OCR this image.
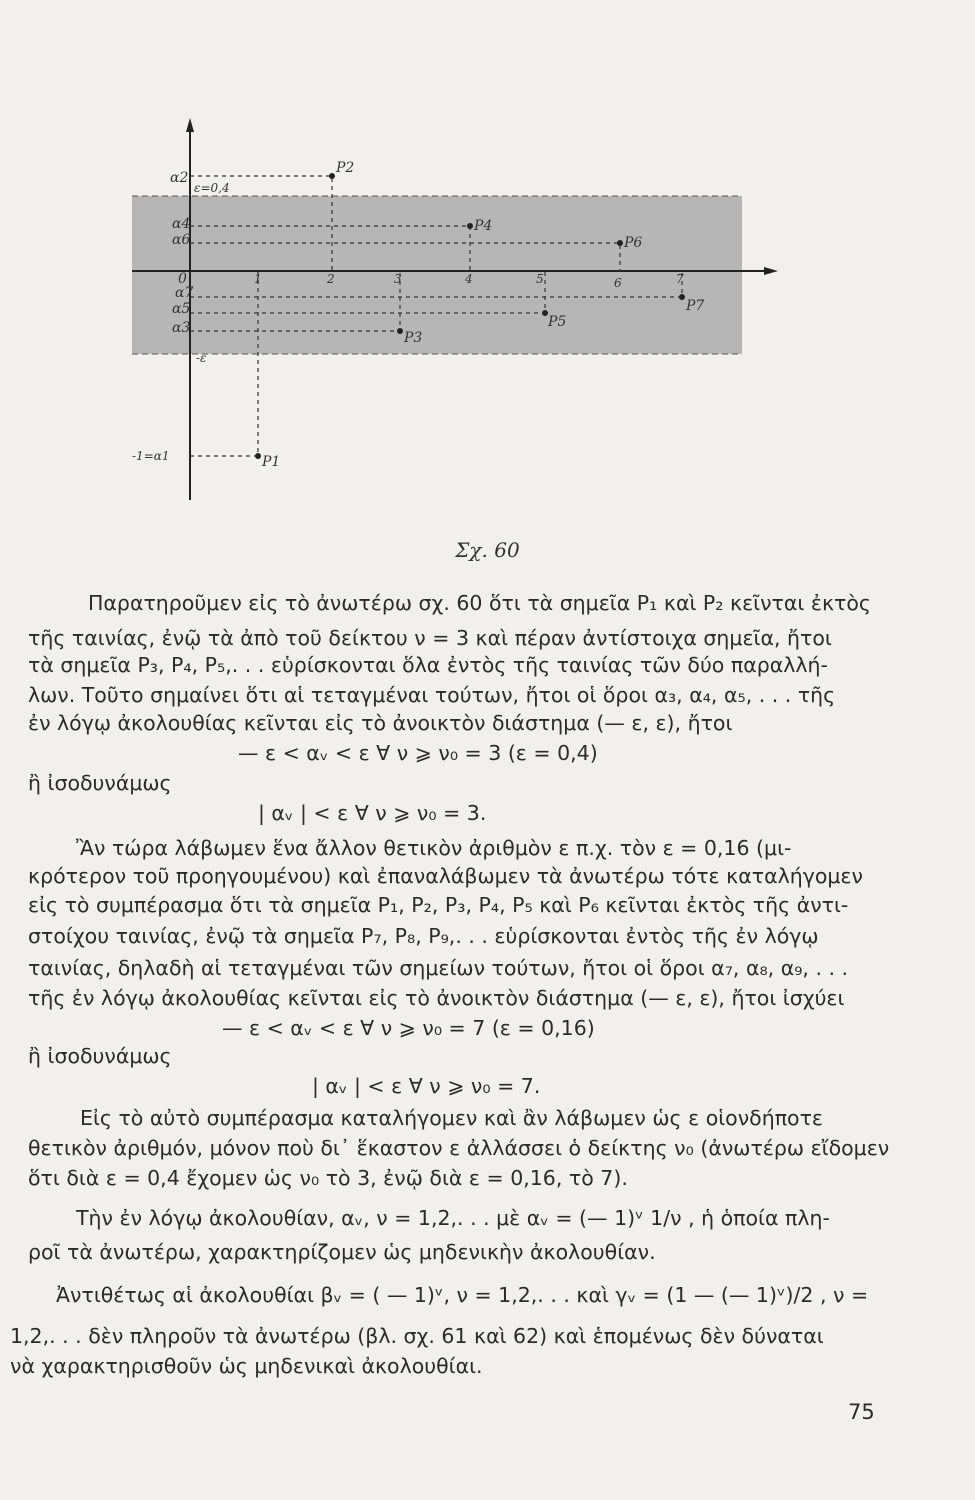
α2
ε=0,4
P2
α4
α6
P4
P6
0
α7
α5
α3
P7
P5
P3
-ε
-1=α1	P1
1	2	3	4	5	6	7
Σχ. 60
Παρατηροῦμεν εἰς τὸ ἀνωτέρω σχ. 60 ὅτι τὰ σημεῖα P₁ καὶ P₂ κεῖνται ἐκτὸς
τῆς ταινίας, ἐνῷ τὰ ἀπὸ τοῦ δείκτου ν = 3 καὶ πέραν ἀντίστοιχα σημεῖα, ἤτοι
τὰ σημεῖα P₃, P₄, P₅,. . . εὑρίσκονται ὅλα ἐντὸς τῆς ταινίας τῶν δύο παραλλή-
λων. Τοῦτο σημαίνει ὅτι αἱ τεταγμέναι τούτων, ἤτοι οἱ ὅροι α₃, α₄, α₅, . . . τῆς
ἐν λόγῳ ἀκολουθίας κεῖνται εἰς τὸ ἀνοικτὸν διάστημα (— ε, ε), ἤτοι
— ε < αᵥ < ε ∀ ν ⩾ ν₀ = 3 (ε = 0,4)
ἢ ἰσοδυνάμως
| αᵥ | < ε ∀ ν ⩾ ν₀ = 3.
Ἂν τώρα λάβωμεν ἕνα ἄλλον θετικὸν ἀριθμὸν ε π.χ. τὸν ε = 0,16 (μι-
κρότερον τοῦ προηγουμένου) καὶ ἐπαναλάβωμεν τὰ ἀνωτέρω τότε καταλήγομεν
εἰς τὸ συμπέρασμα ὅτι τὰ σημεῖα P₁, P₂, P₃, P₄, P₅ καὶ P₆ κεῖνται ἐκτὸς τῆς ἀντι-
στοίχου ταινίας, ἐνῷ τὰ σημεῖα P₇, P₈, P₉,. . . εὑρίσκονται ἐντὸς τῆς ἐν λόγῳ
ταινίας, δηλαδὴ αἱ τεταγμέναι τῶν σημείων τούτων, ἤτοι οἱ ὅροι α₇, α₈, α₉, . . .
τῆς ἐν λόγῳ ἀκολουθίας κεῖνται εἰς τὸ ἀνοικτὸν διάστημα (— ε, ε), ἤτοι ἰσχύει
— ε < αᵥ < ε ∀ ν ⩾ ν₀ = 7 (ε = 0,16)
ἢ ἰσοδυνάμως
| αᵥ | < ε ∀ ν ⩾ ν₀ = 7.
Εἰς τὸ αὐτὸ συμπέρασμα καταλήγομεν καὶ ἂν λάβωμεν ὡς ε οἱονδήποτε
θετικὸν ἀριθμόν, μόνον ποὺ δι᾽ ἕκαστον ε ἀλλάσσει ὁ δείκτης ν₀ (ἀνωτέρω εἴδομεν
ὅτι διὰ ε = 0,4 ἔχομεν ὡς ν₀ τὸ 3, ἐνῷ διὰ ε = 0,16, τὸ 7).
Τὴν ἐν λόγῳ ἀκολουθίαν, αᵥ, ν = 1,2,. . . μὲ αᵥ = (— 1)ᵛ 1/ν , ἡ ὁποία πλη-
ροῖ τὰ ἀνωτέρω, χαρακτηρίζομεν ὡς μηδενικὴν ἀκολουθίαν.
Ἀντιθέτως αἱ ἀκολουθίαι βᵥ = ( — 1)ᵛ, ν = 1,2,. . . καὶ γᵥ = (1 — (— 1)ᵛ)/2 , ν =
1,2,. . . δὲν πληροῦν τὰ ἀνωτέρω (βλ. σχ. 61 καὶ 62) καὶ ἑπομένως δὲν δύναται
νὰ χαρακτηρισθοῦν ὡς μηδενικαὶ ἀκολουθίαι.
75
